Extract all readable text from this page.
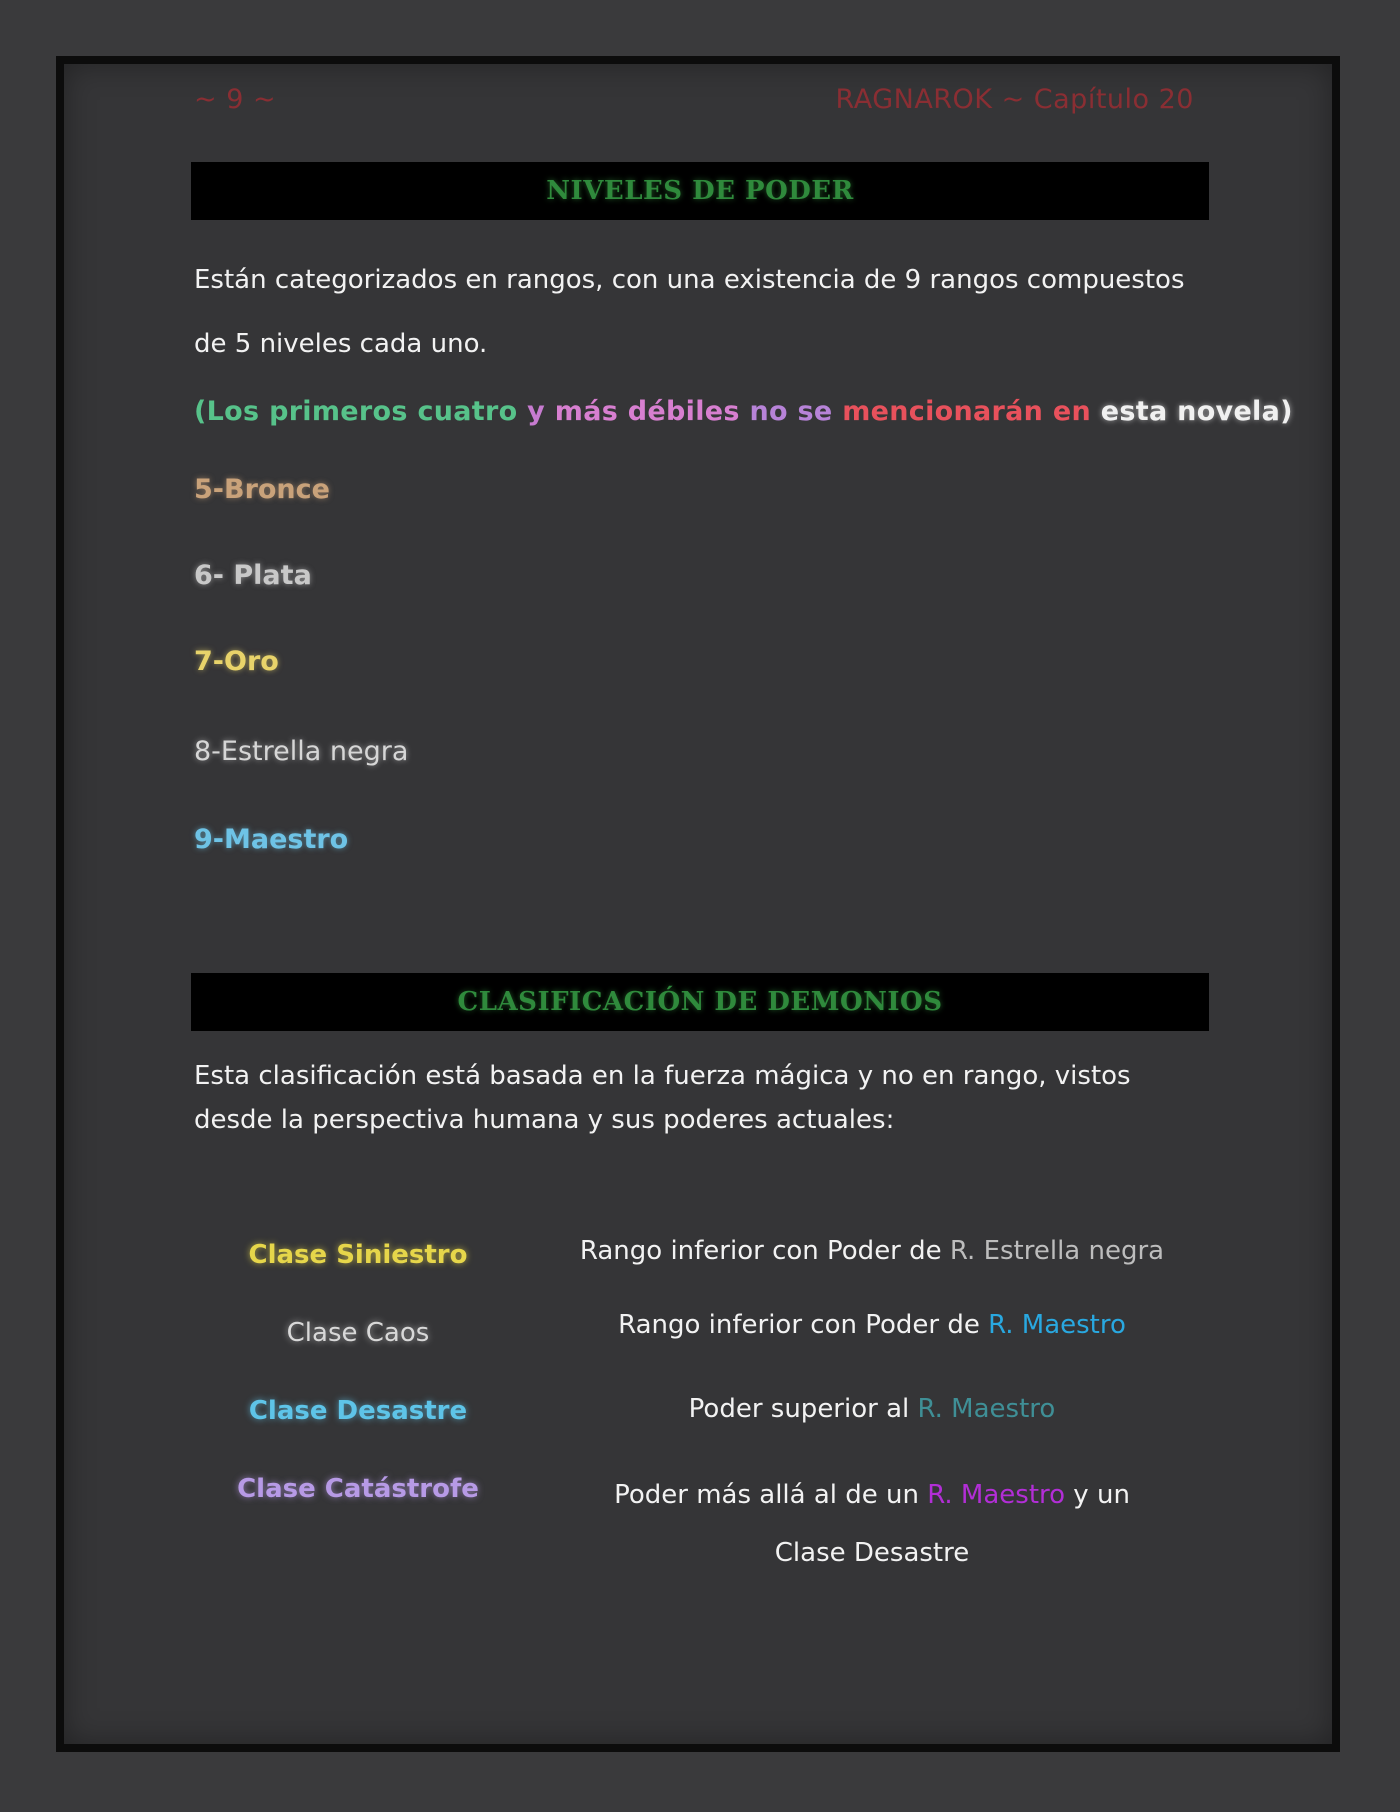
~ 9 ~	RAGNAROK ~ Capítulo 20
NIVELES DE PODER
Están categorizados en rangos, con una existencia de 9 rangos compuestos de 5 niveles cada uno.
(Los primeros cuatro y más débiles no se mencionarán en esta novela)
5-Bronce
6- Plata
7-Oro
8-Estrella negra
9-Maestro
CLASIFICACIÓN DE DEMONIOS
Esta clasificación está basada en la fuerza mágica y no en rango, vistos desde la perspectiva humana y sus poderes actuales:
Clase Siniestro	Rango inferior con Poder de R. Estrella negra
Clase Caos	Rango inferior con Poder de R. Maestro
Clase Desastre	Poder superior al R. Maestro
Clase Catástrofe	Poder más allá al de un R. Maestro y un Clase Desastre
